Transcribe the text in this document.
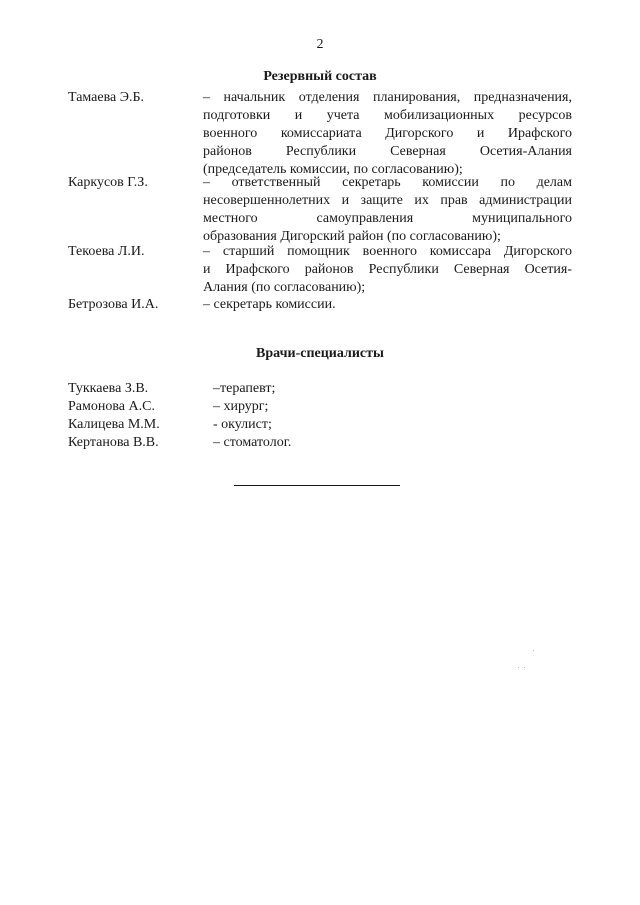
2
Резервный состав
Тамаева Э.Б.	– начальник отделения планирования, предназначения,
подготовки и учета мобилизационных ресурсов
военного комиссариата Дигорского и Ирафского
районов Республики Северная Осетия-Алания
(председатель комиссии, по согласованию);
Каркусов Г.З.	– ответственный секретарь комиссии по делам
несовершеннолетних и защите их прав администрации
местного самоуправления муниципального
образования Дигорский район (по согласованию);
Текоева Л.И.	– старший помощник военного комиссара Дигорского
и Ирафского районов Республики Северная Осетия-
Алания (по согласованию);
Бетрозова И.А.	– секретарь комиссии.
Врачи-специалисты
Туккаева З.В.	–терапевт;
Рамонова А.С.	– хирург;
Калицева М.М.	- окулист;
Кертанова В.В.	– стоматолог.
